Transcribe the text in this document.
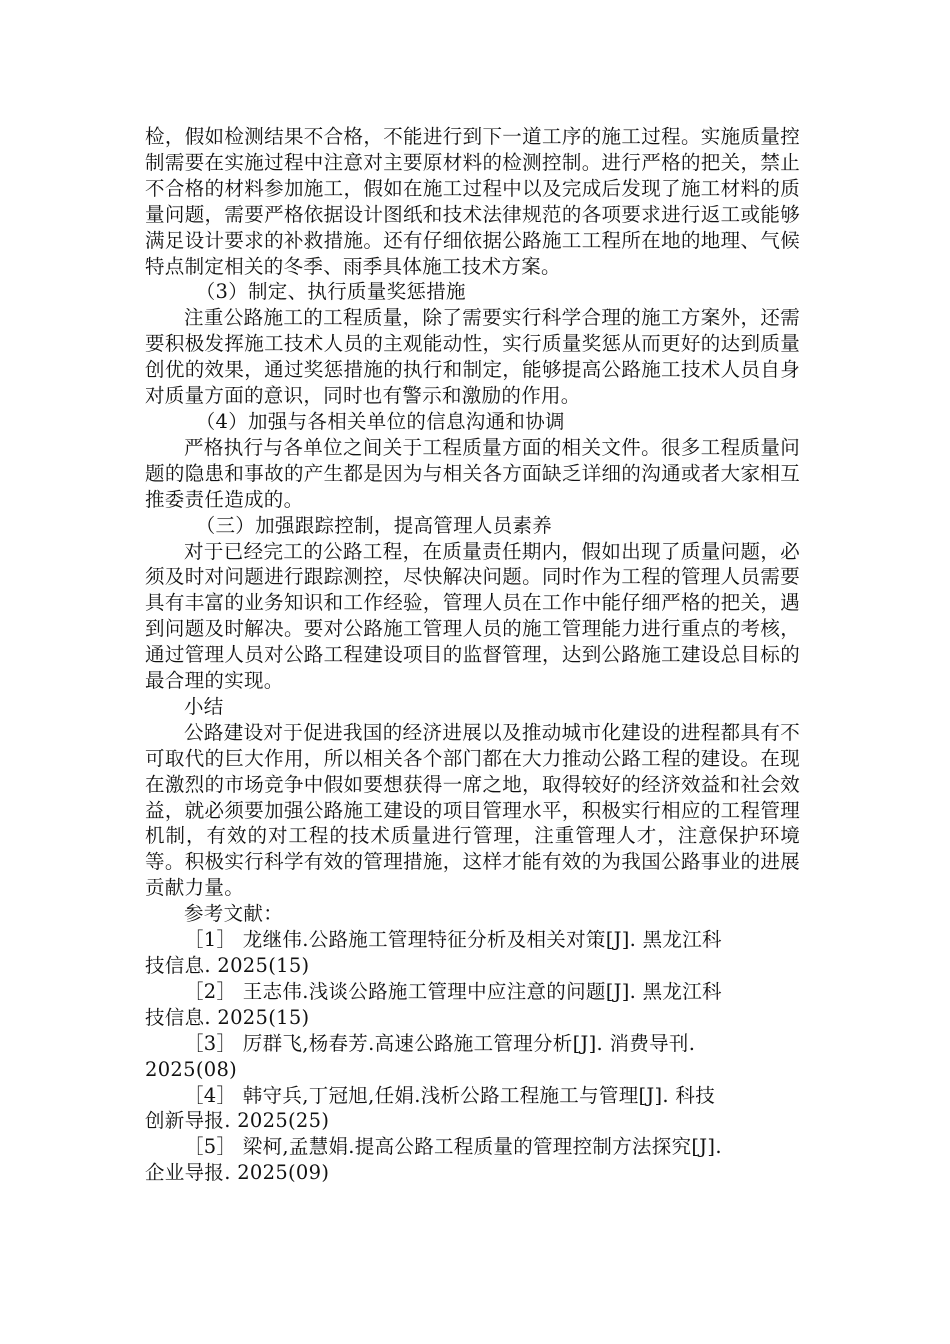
检，假如检测结果不合格，不能进行到下一道工序的施工过程。实施质量控制需要在实施过程中注意对主要原材料的检测控制。进行严格的把关，禁止不合格的材料参加施工，假如在施工过程中以及完成后发现了施工材料的质量问题，需要严格依据设计图纸和技术法律规范的各项要求进行返工或能够满足设计要求的补救措施。还有仔细依据公路施工工程所在地的地理、气候特点制定相关的冬季、雨季具体施工技术方案。

（3）制定、执行质量奖惩措施

注重公路施工的工程质量，除了需要实行科学合理的施工方案外，还需要积极发挥施工技术人员的主观能动性，实行质量奖惩从而更好的达到质量创优的效果，通过奖惩措施的执行和制定，能够提高公路施工技术人员自身对质量方面的意识，同时也有警示和激励的作用。

（4）加强与各相关单位的信息沟通和协调

严格执行与各单位之间关于工程质量方面的相关文件。很多工程质量问题的隐患和事故的产生都是因为与相关各方面缺乏详细的沟通或者大家相互推委责任造成的。

（三）加强跟踪控制，提高管理人员素养

对于已经完工的公路工程，在质量责任期内，假如出现了质量问题，必须及时对问题进行跟踪测控，尽快解决问题。同时作为工程的管理人员需要具有丰富的业务知识和工作经验，管理人员在工作中能仔细严格的把关，遇到问题及时解决。要对公路施工管理人员的施工管理能力进行重点的考核，通过管理人员对公路工程建设项目的监督管理，达到公路施工建设总目标的最合理的实现。

小结

公路建设对于促进我国的经济进展以及推动城市化建设的进程都具有不可取代的巨大作用，所以相关各个部门都在大力推动公路工程的建设。在现在激烈的市场竞争中假如要想获得一席之地，取得较好的经济效益和社会效益，就必须要加强公路施工建设的项目管理水平，积极实行相应的工程管理机制，有效的对工程的技术质量进行管理，注重管理人才，注意保护环境等。积极实行科学有效的管理措施，这样才能有效的为我国公路事业的进展贡献力量。

参考文献：

［1］ 龙继伟.公路施工管理特征分析及相关对策[J]. 黑龙江科

技信息. 2025(15)

［2］ 王志伟.浅谈公路施工管理中应注意的问题[J]. 黑龙江科

技信息. 2025(15)

［3］ 厉群飞,杨春芳.高速公路施工管理分析[J]. 消费导刊.

2025(08)

［4］ 韩守兵,丁冠旭,任娟.浅析公路工程施工与管理[J]. 科技

创新导报. 2025(25)

［5］ 梁柯,孟慧娟.提高公路工程质量的管理控制方法探究[J].

企业导报. 2025(09)
